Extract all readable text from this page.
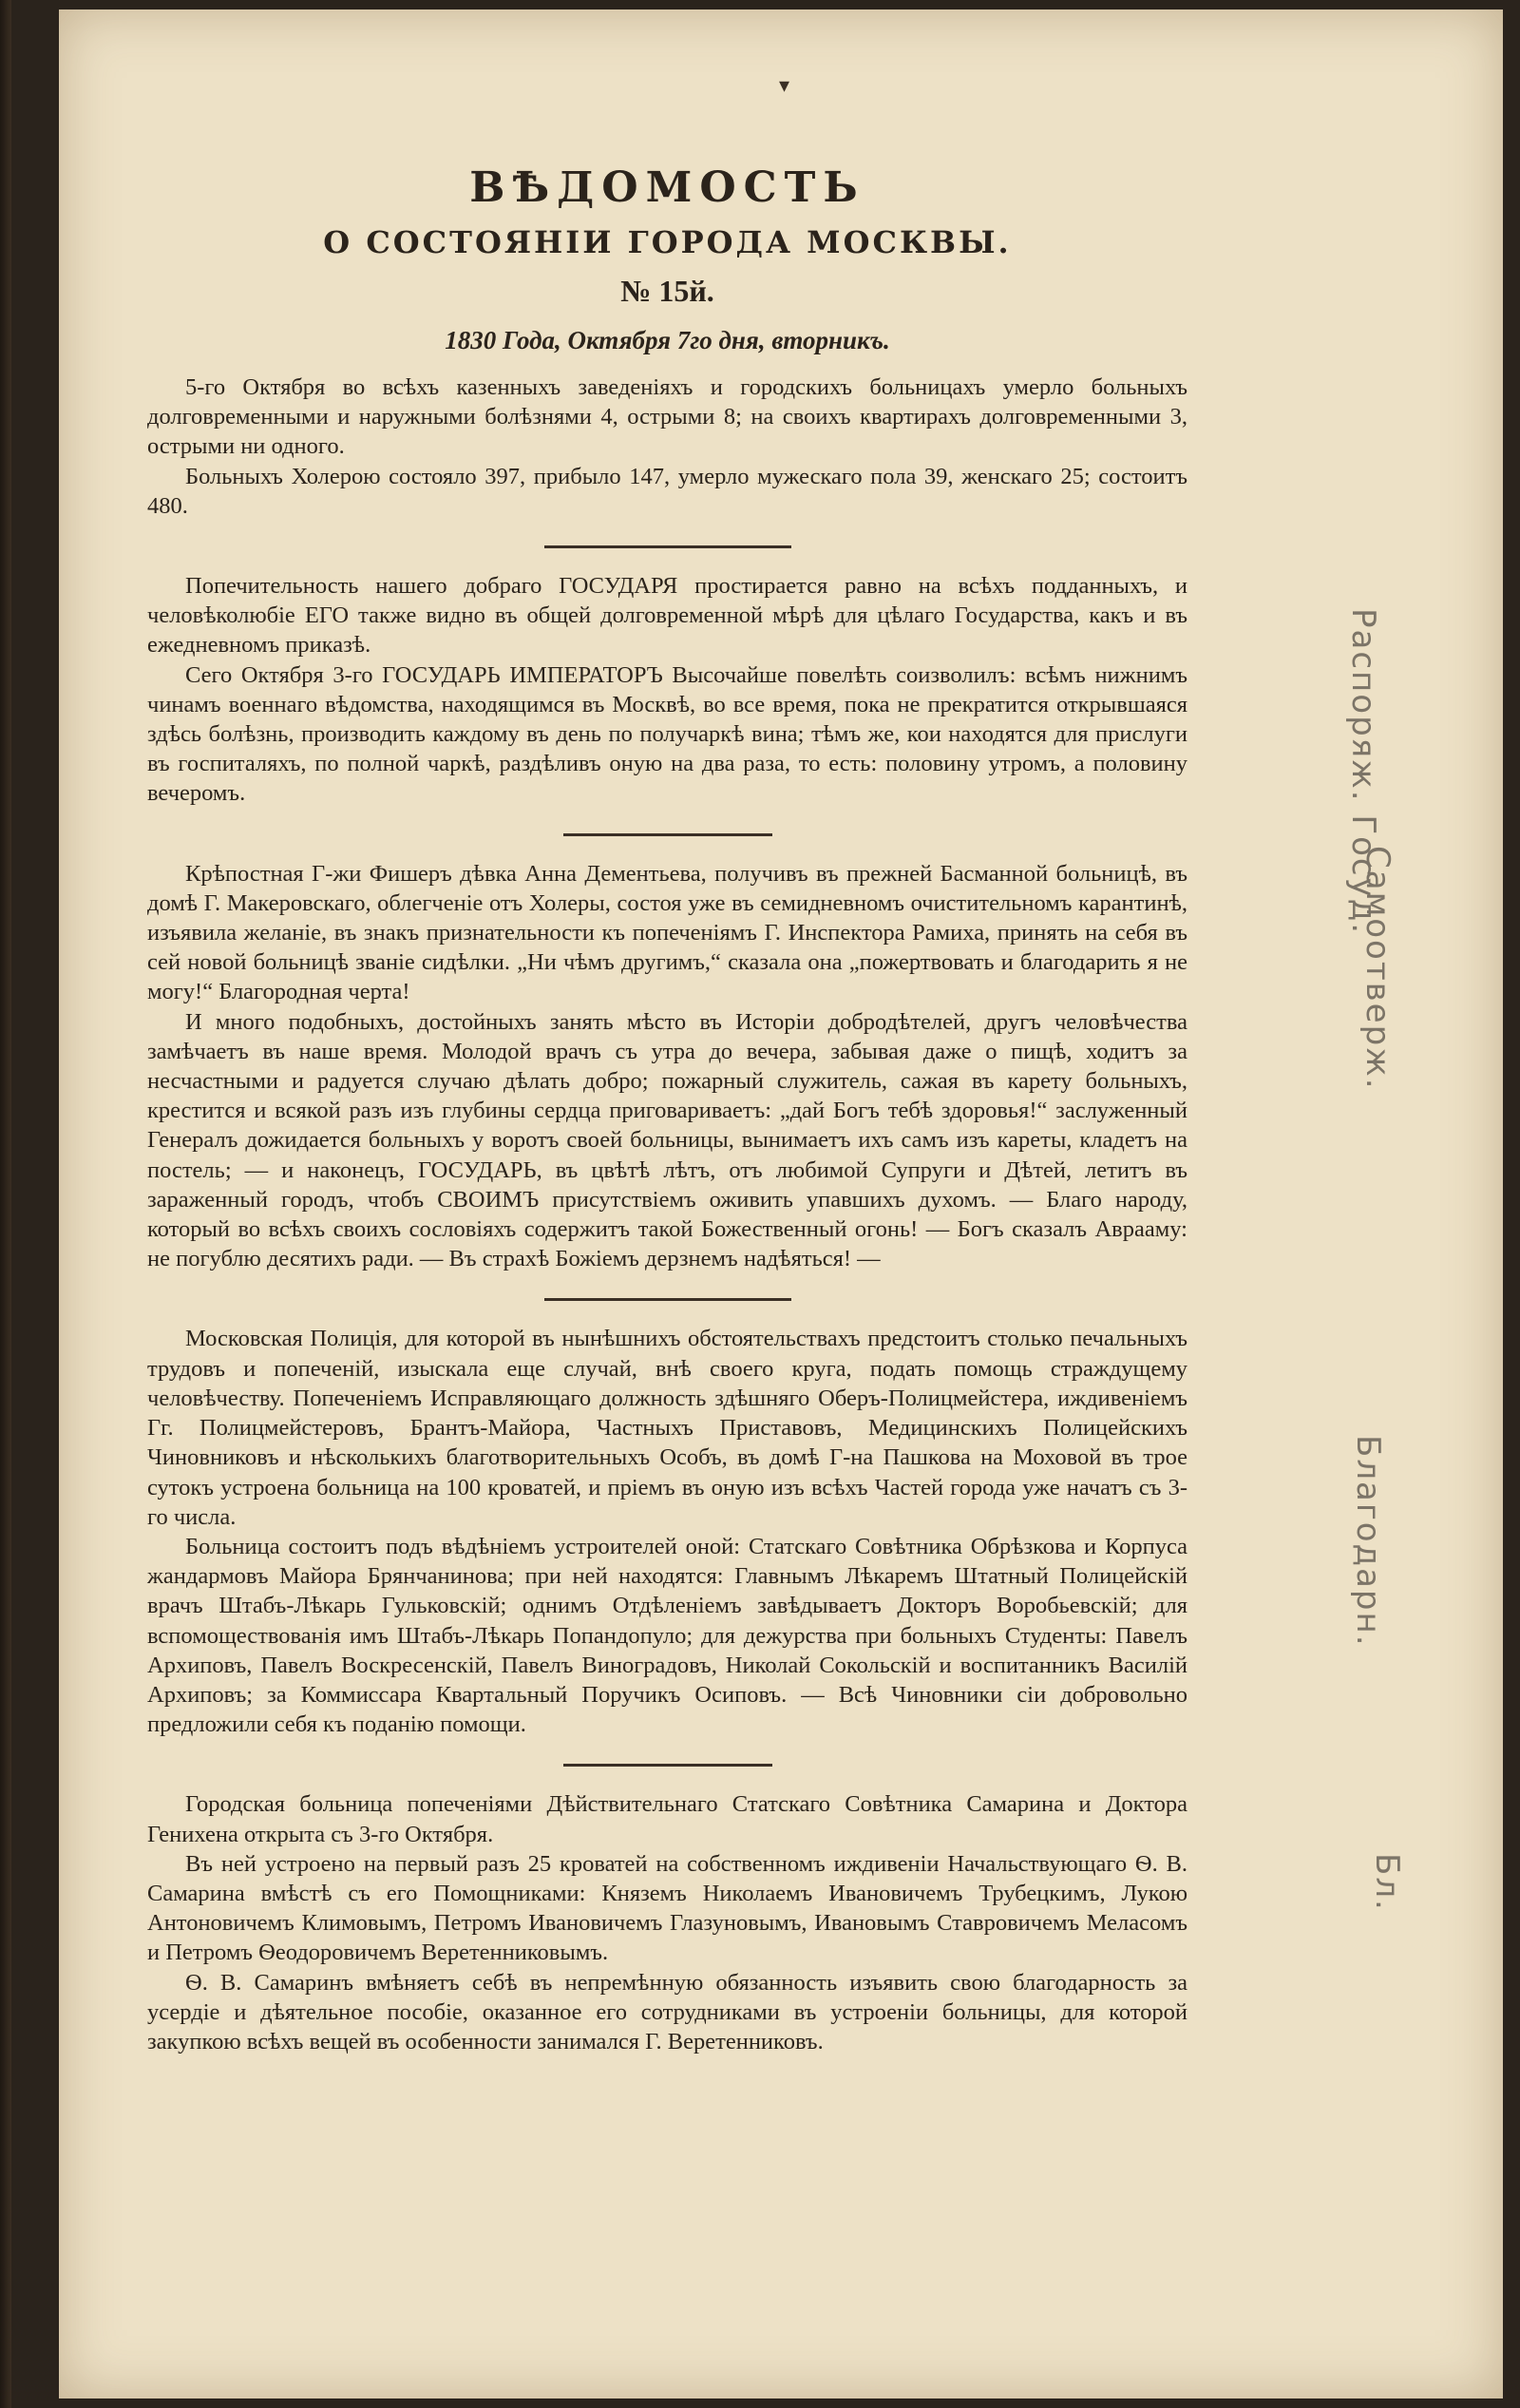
ВѢДОМОСТЬ
О СОСТОЯНІИ ГОРОДА МОСКВЫ.
№ 15й.
1830 Года, Октября 7го дня, вторникъ.

5-го Октября во всѣхъ казенныхъ заведеніяхъ и городскихъ больницахъ умерло больныхъ долговременными и наружными болѣзнями 4, острыми 8; на своихъ квартирахъ долговременными 3, острыми ни одного.

Больныхъ Холерою состояло 397, прибыло 147, умерло мужескаго пола 39, женскаго 25; состоитъ 480.

Попечительность нашего добраго ГОСУДАРЯ простирается равно на всѣхъ подданныхъ, и человѣколюбіе ЕГО также видно въ общей долговременной мѣрѣ для цѣлаго Государства, какъ и въ ежедневномъ приказѣ.

Сего Октября 3-го ГОСУДАРЬ ИМПЕРАТОРЪ Высочайше повелѣть соизволилъ: всѣмъ нижнимъ чинамъ военнаго вѣдомства, находящимся въ Москвѣ, во все время, пока не прекратится открывшаяся здѣсь болѣзнь, производить каждому въ день по получаркѣ вина; тѣмъ же, кои находятся для прислуги въ госпиталяхъ, по полной чаркѣ, раздѣливъ оную на два раза, то есть: половину утромъ, а половину вечеромъ.

Крѣпостная Г-жи Фишеръ дѣвка Анна Дементьева, получивъ въ прежней Басманной больницѣ, въ домѣ Г. Макеровскаго, облегченіе отъ Холеры, состоя уже въ семидневномъ очистительномъ карантинѣ, изъявила желаніе, въ знакъ признательности къ попеченіямъ Г. Инспектора Рамиха, принять на себя въ сей новой больницѣ званіе сидѣлки. „Ни чѣмъ другимъ,“ сказала она „пожертвовать и благодарить я не могу!“ Благородная черта!

И много подобныхъ, достойныхъ занять мѣсто въ Исторіи добродѣтелей, другъ человѣчества замѣчаетъ въ наше время. Молодой врачъ съ утра до вечера, забывая даже о пищѣ, ходитъ за несчастными и радуется случаю дѣлать добро; пожарный служитель, сажая въ карету больныхъ, крестится и всякой разъ изъ глубины сердца приговариваетъ: „дай Богъ тебѣ здоровья!“ заслуженный Генералъ дожидается больныхъ у воротъ своей больницы, вынимаетъ ихъ самъ изъ кареты, кладетъ на постель; — и наконецъ, ГОСУДАРЬ, въ цвѣтѣ лѣтъ, отъ любимой Супруги и Дѣтей, летитъ въ зараженный городъ, чтобъ СВОИМЪ присутствіемъ оживить упавшихъ духомъ. — Благо народу, который во всѣхъ своихъ сословіяхъ содержитъ такой Божественный огонь! — Богъ сказалъ Аврааму: не погублю десятихъ ради. — Въ страхѣ Божіемъ дерзнемъ надѣяться! —

Московская Полиція, для которой въ нынѣшнихъ обстоятельствахъ предстоитъ столько печальныхъ трудовъ и попеченій, изыскала еще случай, внѣ своего круга, подать помощь страждущему человѣчеству. Попеченіемъ Исправляющаго должность здѣшняго Оберъ-Полицмейстера, иждивеніемъ Гг. Полицмейстеровъ, Брантъ-Майора, Частныхъ Приставовъ, Медицинскихъ Полицейскихъ Чиновниковъ и нѣсколькихъ благотворительныхъ Особъ, въ домѣ Г-на Пашкова на Моховой въ трое сутокъ устроена больница на 100 кроватей, и пріемъ въ оную изъ всѣхъ Частей города уже начатъ съ 3-го числа.

Больница состоитъ подъ вѣдѣніемъ устроителей оной: Статскаго Совѣтника Обрѣзкова и Корпуса жандармовъ Майора Брянчанинова; при ней находятся: Главнымъ Лѣкаремъ Штатный Полицейскій врачъ Штабъ-Лѣкарь Гульковскій; однимъ Отдѣленіемъ завѣдываетъ Докторъ Воробьевскій; для вспомоществованія имъ Штабъ-Лѣкарь Попандопуло; для дежурства при больныхъ Студенты: Павелъ Архиповъ, Павелъ Воскресенскій, Павелъ Виноградовъ, Николай Сокольскій и воспитанникъ Василій Архиповъ; за Коммиссара Квартальный Поручикъ Осиповъ. — Всѣ Чиновники сіи добровольно предложили себя къ поданію помощи.

Городская больница попеченіями Дѣйствительнаго Статскаго Совѣтника Самарина и Доктора Генихена открыта съ 3-го Октября.

Въ ней устроено на первый разъ 25 кроватей на собственномъ иждивеніи Начальствующаго Ѳ. В. Самарина вмѣстѣ съ его Помощниками: Княземъ Николаемъ Ивановичемъ Трубецкимъ, Лукою Антоновичемъ Климовымъ, Петромъ Ивановичемъ Глазуновымъ, Ивановымъ Ставровичемъ Меласомъ и Петромъ Ѳеодоровичемъ Веретенниковымъ.

Ѳ. В. Самаринъ вмѣняетъ себѣ въ непремѣнную обязанность изъявить свою благодарность за усердіе и дѣятельное пособіе, оказанное его сотрудниками въ устроеніи больницы, для которой закупкою всѣхъ вещей въ особенности занимался Г. Веретенниковъ.

Распоряж. Госуд.
Самоотверж.
Благодарн.
Бл.
▾
